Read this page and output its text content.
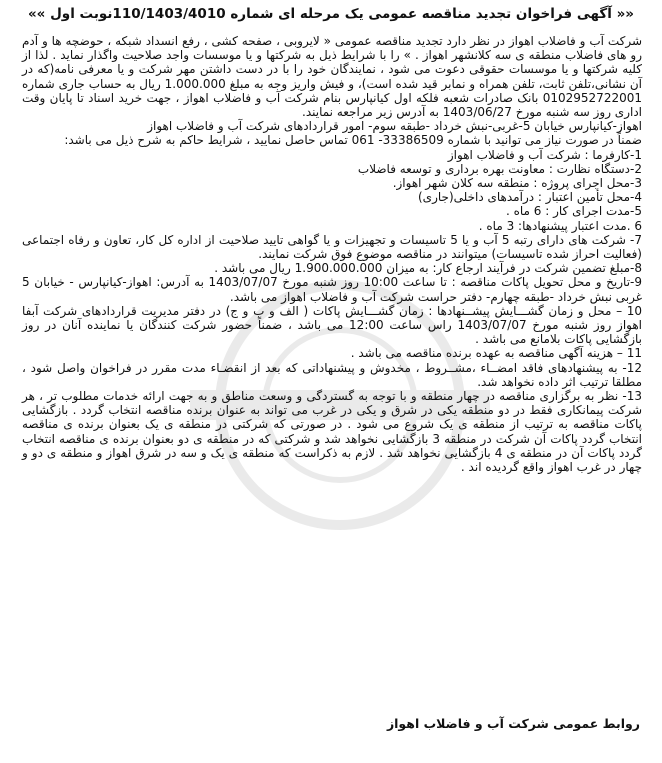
«« آگهی فراخوان تجدید مناقصه عمومی یک مرحله ای شماره 110/1403/4010نوبت اول »»

شرکت آب و فاضلاب اهواز در نظر دارد تجدید مناقصه عمومی « لایروبی ، صفحه کشی ، رفع انسداد شبکه ، حوضچه ها و آدم رو های فاضلاب منطقه ی سه کلانشهر اهواز . » را با شرایط ذیل به شرکتها و یا موسسات واجد صلاحیت واگذار نماید . لذا از کلیه شرکتها و یا موسسات حقوقی دعوت می شود ، نمایندگان خود را با در دست داشتن مهر شرکت و یا معرفی نامه(که در آن نشانی،تلفن ثابت، تلفن همراه و نمابر قید شده است)، و فیش واریز وجه به مبلغ 1.000.000 ریال به حساب جاری شماره 0102952722001 بانک صادرات شعبه فلکه اول کیانپارس بنام شرکت آب و فاضلاب اهواز ، جهت خرید اسناد تا پایان وقت اداری روز سه شنبه مورخ 1403/06/27 به آدرس زیر مراجعه نمایند.

اهواز-کیانپارس خیابان 5-غربی-نبش خرداد -طبقه سوم- امور قراردادهای شرکت آب و فاضلاب اهواز

ضمناً در صورت نیاز می توانید با شماره 33386509- 061 تماس حاصل نمایید ، شرایط حاکم به شرح ذیل می باشد:

1-کارفرما : شرکت آب و فاضلاب اهواز
2-دستگاه نظارت : معاونت بهره برداری و توسعه فاضلاب
3-محل اجرای پروژه : منطقه سه کلان شهر اهواز.
4-محل تأمین اعتبار : درآمدهای داخلی(جاری)
5-مدت اجرای کار : 6 ماه .
6 .مدت اعتبار پیشنهادها: 3 ماه .
7- شرکت های دارای رتبه 5 آب و یا 5 تاسیسات و تجهیزات و یا گواهی تایید صلاحیت از اداره کل کار، تعاون و رفاه اجتماعی (فعالیت احراز شده تاسیسات) میتوانند در مناقصه موضوع فوق شرکت نمایند.
8-مبلغ تضمین شرکت در فرآیند ارجاع کار: به میزان 1.900.000.000 ریال می باشد .
9-تاریخ و محل تحویل پاکات مناقصه : تا ساعت 10:00 روز شنبه مورخ 1403/07/07 به آدرس: اهواز-کیانپارس - خیابان 5 غربی نبش خرداد -طبقه چهارم- دفتر حراست شرکت آب و فاضلاب اهواز می باشد.
10 – محل و زمان گشـــایش پیشــنهادها : زمان گشـــایش پاکات ( الف و ب و ج) در دفتر مدیریت قراردادهای شرکت آبفا اهواز روز شنبه مورخ 1403/07/07 راس ساعت 12:00 می باشد ، ضمناً حضور شرکت کنندگان یا نماینده آنان در روز بازگشایی پاکات بلامانع می باشد .
11 – هزینه آگهی مناقصه به عهده برنده مناقصه می باشد .
12- به پیشنهادهای فاقد امضــاء ،مشــروط ، مخدوش و پیشنهاداتی که بعد از انقضـاء مدت مقرر در فراخوان واصل شود ، مطلقا ترتیب اثر داده نخواهد شد.
13- نظر به برگزاری مناقصه در چهار منطقه و با توجه به گستردگی و وسعت مناطق و به جهت ارائه خدمات مطلوب تر ، هر شرکت پیمانکاری فقط در دو منطقه یکی در شرق و یکی در غرب می تواند به عنوان برنده مناقصه انتخاب گردد . بازگشایی پاکات مناقصه به ترتیب از منطقه ی یک شروع می شود . در صورتی که شرکتی در منطقه ی یک بعنوان برنده ی مناقصه انتخاب گردد پاکات آن شرکت در منطقه 3 بازگشایی نخواهد شد و شرکتی که در منطقه ی دو بعنوان برنده ی مناقصه انتخاب گردد پاکات آن در منطقه ی 4 بازگشایی نخواهد شد . لازم به ذکراست که منطقه ی یک و سه در شرق اهواز و منطقه ی دو و چهار در غرب اهواز واقع گردیده اند .
روابط عمومی شرکت آب و فاضلاب اهواز
